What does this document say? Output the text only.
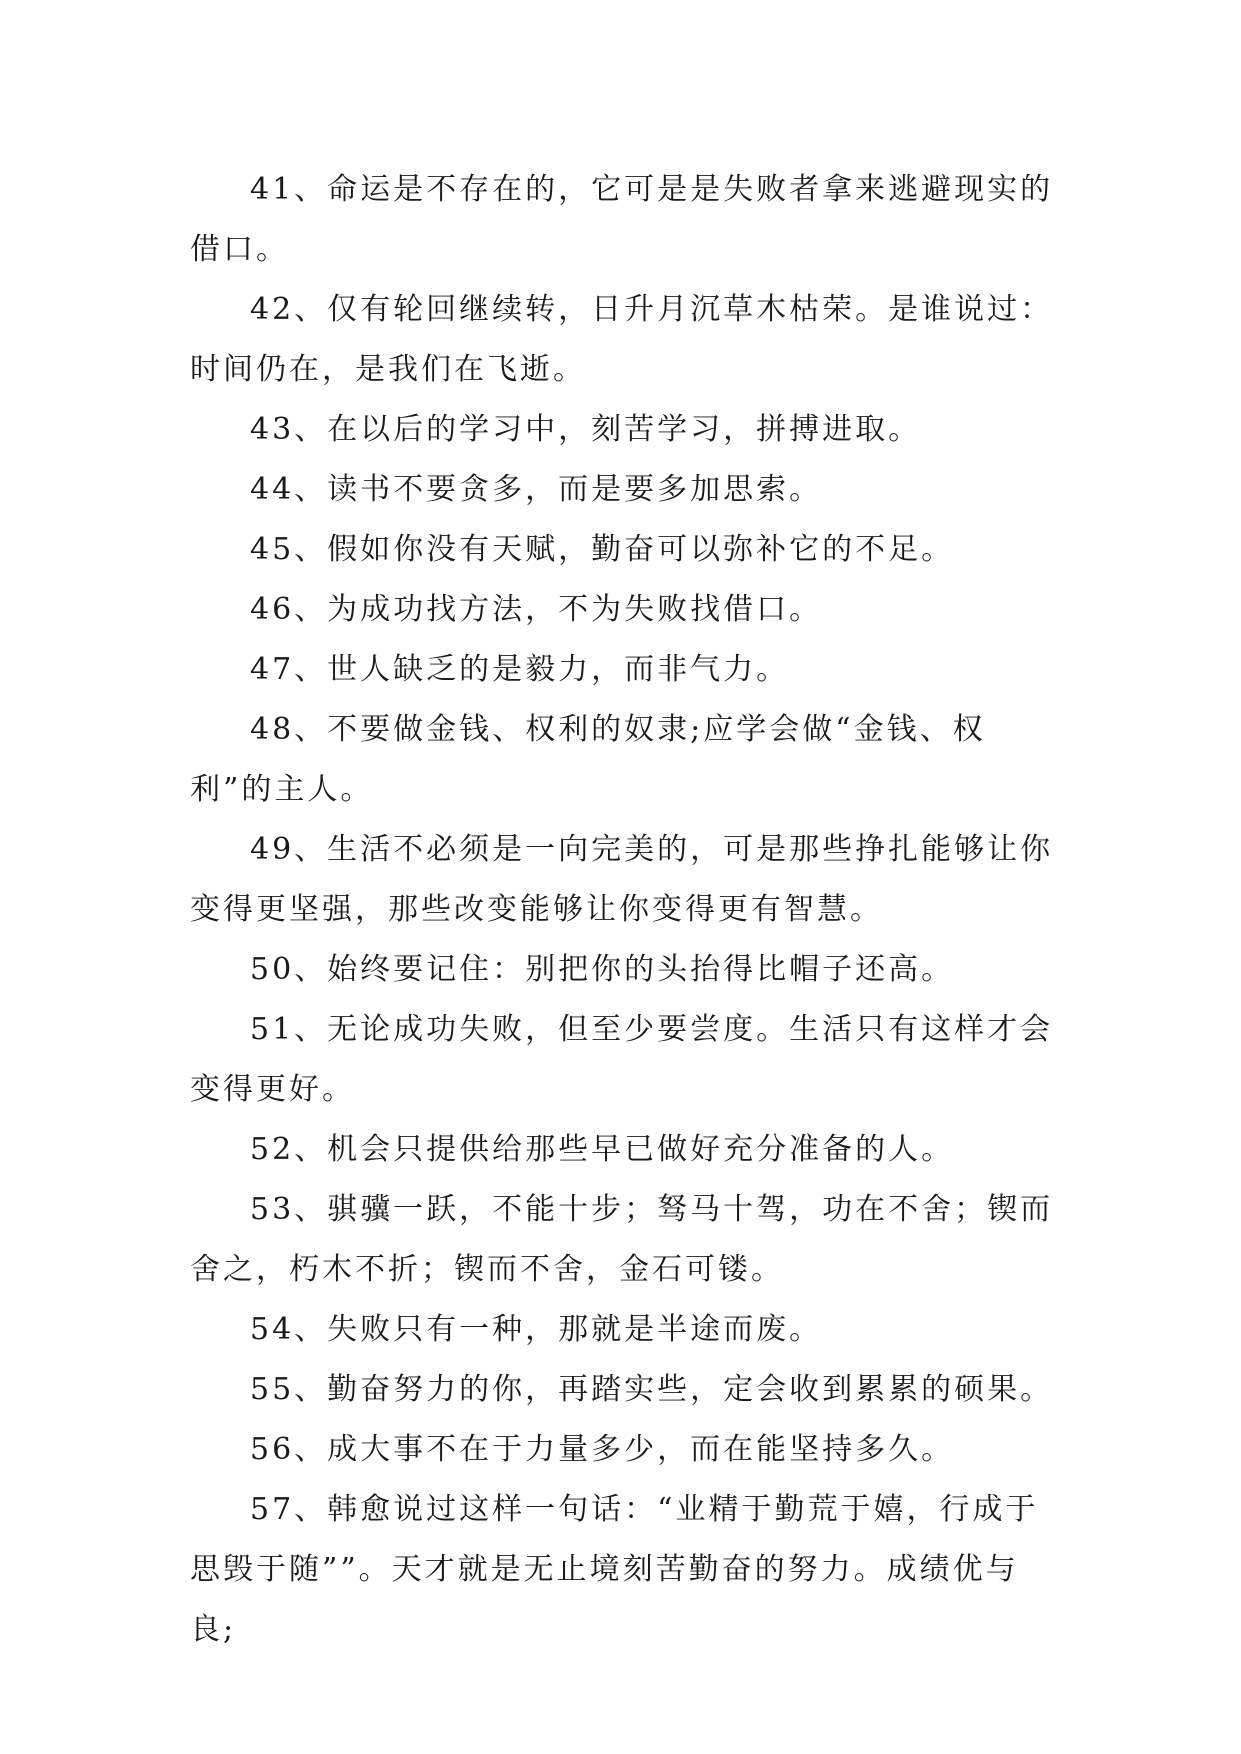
41、命运是不存在的，它可是是失败者拿来逃避现实的借口。

42、仅有轮回继续转，日升月沉草木枯荣。是谁说过：时间仍在，是我们在飞逝。

43、在以后的学习中，刻苦学习，拼搏进取。

44、读书不要贪多，而是要多加思索。

45、假如你没有天赋，勤奋可以弥补它的不足。

46、为成功找方法，不为失败找借口。

47、世人缺乏的是毅力，而非气力。

48、不要做金钱、权利的奴隶;应学会做“金钱、权利”的主人。

49、生活不必须是一向完美的，可是那些挣扎能够让你变得更坚强，那些改变能够让你变得更有智慧。

50、始终要记住：别把你的头抬得比帽子还高。

51、无论成功失败，但至少要尝度。生活只有这样才会变得更好。

52、机会只提供给那些早已做好充分准备的人。

53、骐骥一跃，不能十步；驽马十驾，功在不舍；锲而舍之，朽木不折；锲而不舍，金石可镂。

54、失败只有一种，那就是半途而废。

55、勤奋努力的你，再踏实些，定会收到累累的硕果。

56、成大事不在于力量多少，而在能坚持多久。

57、韩愈说过这样一句话：“业精于勤荒于嬉，行成于思毁于随””。天才就是无止境刻苦勤奋的努力。成绩优与良;
